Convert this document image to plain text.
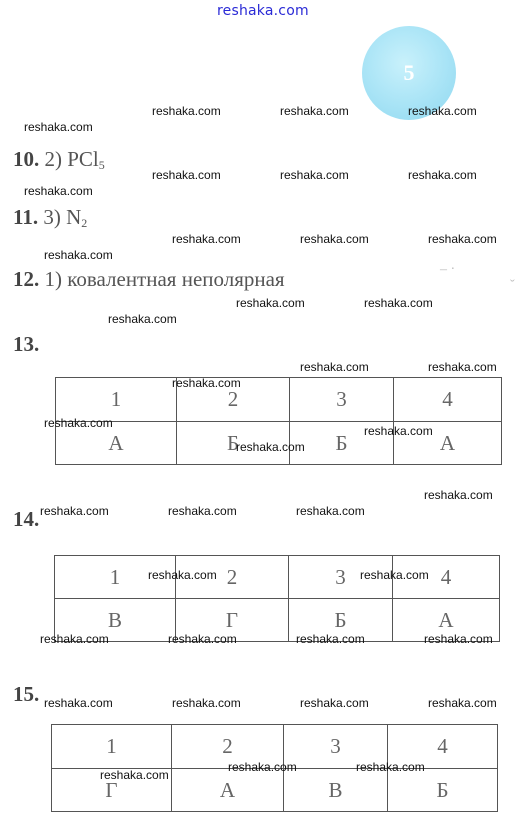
reshaka.com
5
10. 2) PCl$_5$
11. 3) $N_2$
12. 1) ковалентная неполярная	‒ ·
ˇ
13.
1	2	3	4
А	Б	Б	А
14.
1	2	3	4
В	Г	Б	А
15.
1	2	3	4
Г	А	В	Б
reshaka.com	reshaka.com	reshaka.com
reshaka.com
reshaka.com	reshaka.com	reshaka.com
reshaka.com
reshaka.com	reshaka.com	reshaka.com
reshaka.com
reshaka.com	reshaka.com
reshaka.com
reshaka.com	reshaka.com
reshaka.com
reshaka.com
reshaka.com
reshaka.com
reshaka.com
reshaka.com	reshaka.com	reshaka.com
reshaka.com	reshaka.com
reshaka.com	reshaka.com	reshaka.com	reshaka.com
reshaka.com	reshaka.com	reshaka.com	reshaka.com
reshaka.com	reshaka.com
reshaka.com
